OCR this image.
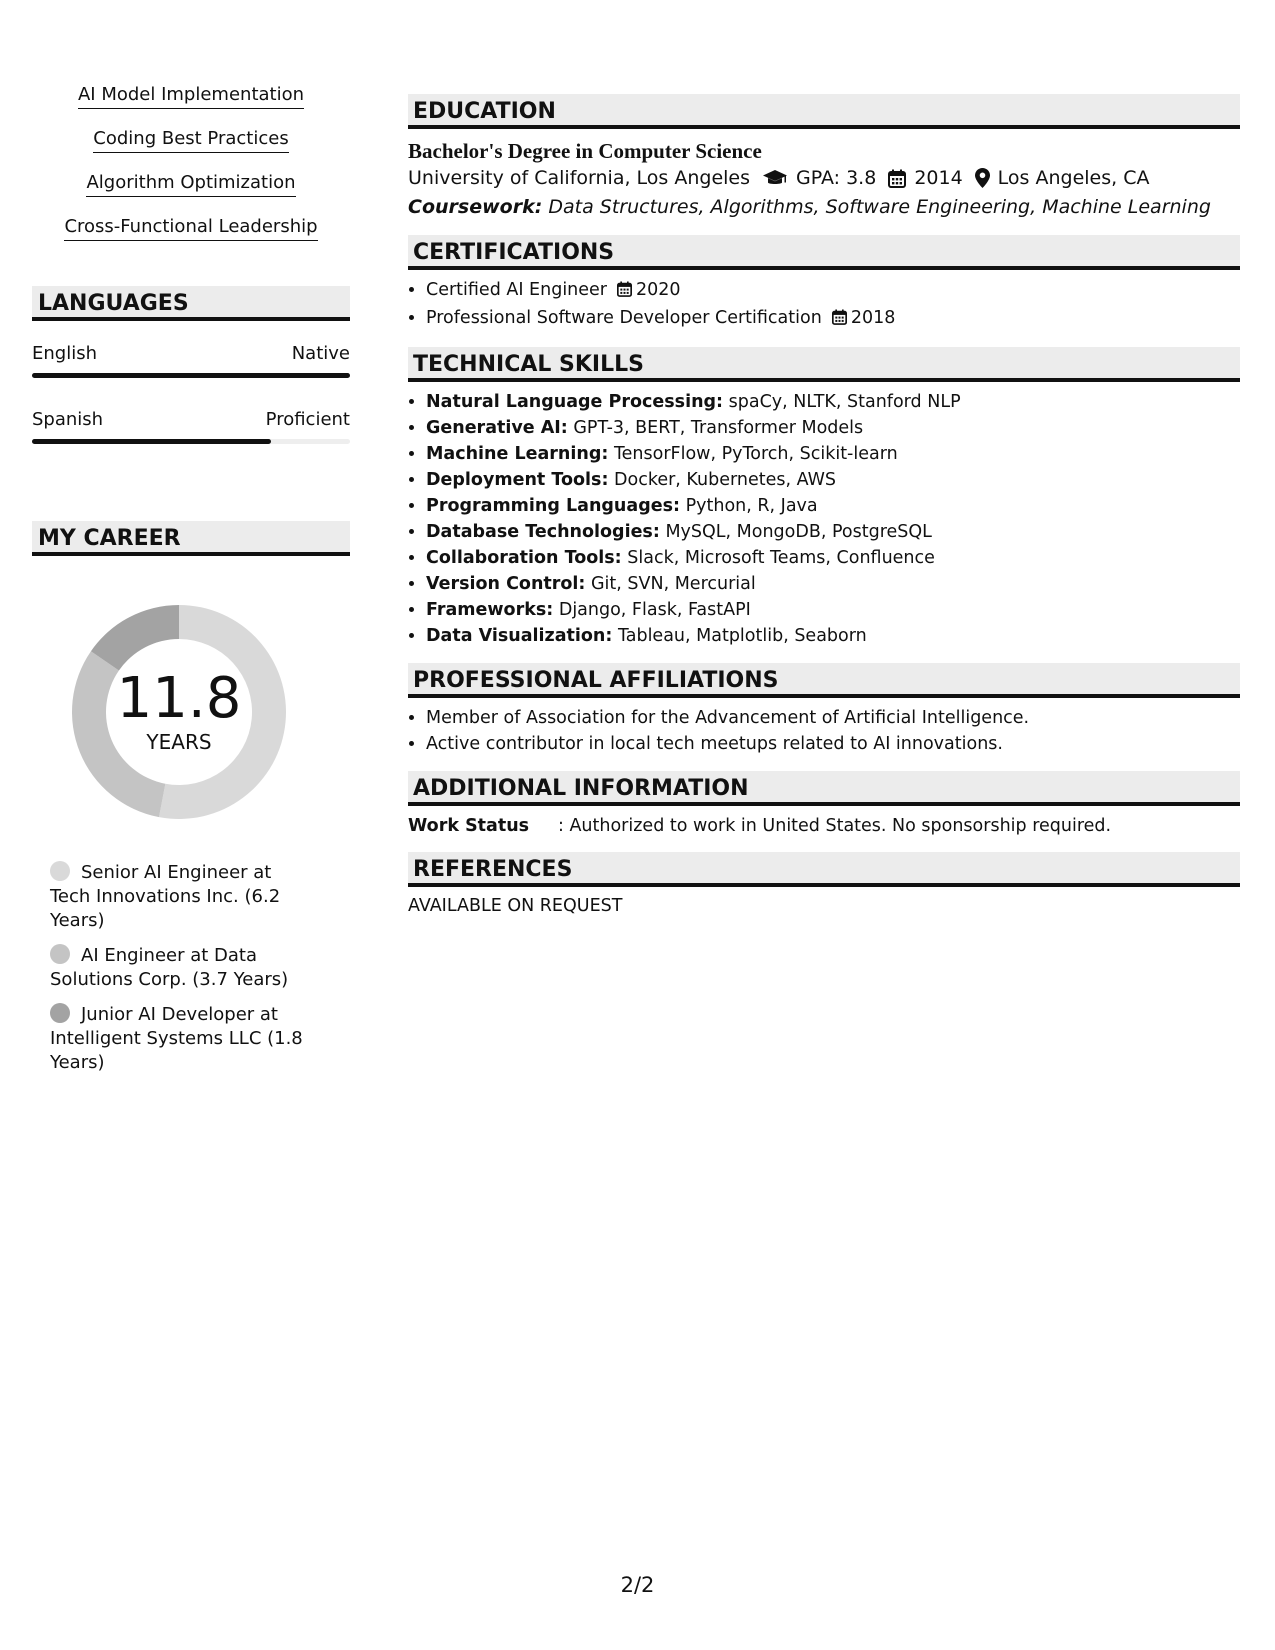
AI Model Implementation
Coding Best Practices
Algorithm Optimization
Cross-Functional Leadership
LANGUAGES
English	Native
Spanish	Proficient
MY CAREER
11.8
YEARS
Senior AI Engineer at Tech Innovations Inc. (6.2 Years)
AI Engineer at Data Solutions Corp. (3.7 Years)
Junior AI Developer at Intelligent Systems LLC (1.8 Years)
EDUCATION
Bachelor's Degree in Computer Science
University of California, Los Angeles GPA: 3.8 2014 Los Angeles, CA
Coursework: Data Structures, Algorithms, Software Engineering, Machine Learning
CERTIFICATIONS
• Certified AI Engineer 2020
• Professional Software Developer Certification 2018
TECHNICAL SKILLS
• Natural Language Processing: spaCy, NLTK, Stanford NLP
• Generative AI: GPT-3, BERT, Transformer Models
• Machine Learning: TensorFlow, PyTorch, Scikit-learn
• Deployment Tools: Docker, Kubernetes, AWS
• Programming Languages: Python, R, Java
• Database Technologies: MySQL, MongoDB, PostgreSQL
• Collaboration Tools: Slack, Microsoft Teams, Confluence
• Version Control: Git, SVN, Mercurial
• Frameworks: Django, Flask, FastAPI
• Data Visualization: Tableau, Matplotlib, Seaborn
PROFESSIONAL AFFILIATIONS
• Member of Association for the Advancement of Artificial Intelligence.
• Active contributor in local tech meetups related to AI innovations.
ADDITIONAL INFORMATION
Work Status	: Authorized to work in United States. No sponsorship required.
REFERENCES
AVAILABLE ON REQUEST
2/2
